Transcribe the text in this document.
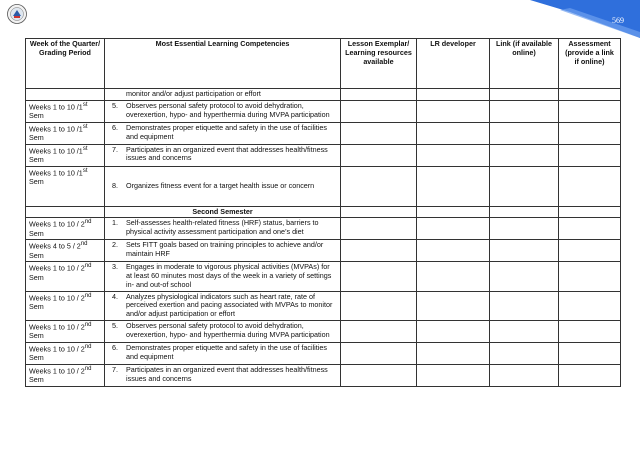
569
Week of the Quarter/ Grading Period	Most Essential Learning Competencies	Lesson Exemplar/ Learning resources available	LR developer	Link (if available online)	Assessment (provide a link if online)

	monitor and/or adjust participation or effort				

Weeks 1 to 10 /1st Sem	5. Observes personal safety protocol to avoid dehydration, overexertion, hypo- and hyperthermia during MVPA participation				

Weeks 1 to 10 /1st Sem	6. Demonstrates proper etiquette and safety in the use of facilities and equipment				

Weeks 1 to 10 /1st Sem	7. Participates in an organized event that addresses health/fitness issues and concerns				

Weeks 1 to 10 /1st Sem	8. Organizes fitness event for a target health issue or concern				

	Second Semester				
Weeks 1 to 10 / 2nd Sem	1. Self-assesses health-related fitness (HRF) status, barriers to physical activity assessment participation and one’s diet				

Weeks 4 to 5 / 2nd Sem	2. Sets FITT goals based on training principles to achieve and/or maintain HRF				

Weeks 1 to 10 / 2nd Sem	3. Engages in moderate to vigorous physical activities (MVPAs) for at least 60 minutes most days of the week in a variety of settings in- and out-of school				

Weeks 1 to 10 / 2nd Sem	4. Analyzes physiological indicators such as heart rate, rate of perceived exertion and pacing associated with MVPAs to monitor and/or adjust participation or effort				

Weeks 1 to 10 / 2nd Sem	5. Observes personal safety protocol to avoid dehydration, overexertion, hypo- and hyperthermia during MVPA participation				

Weeks 1 to 10 / 2nd Sem	6. Demonstrates proper etiquette and safety in the use of facilities and equipment				

Weeks 1 to 10 / 2nd Sem	7. Participates in an organized event that addresses health/fitness issues and concerns				
